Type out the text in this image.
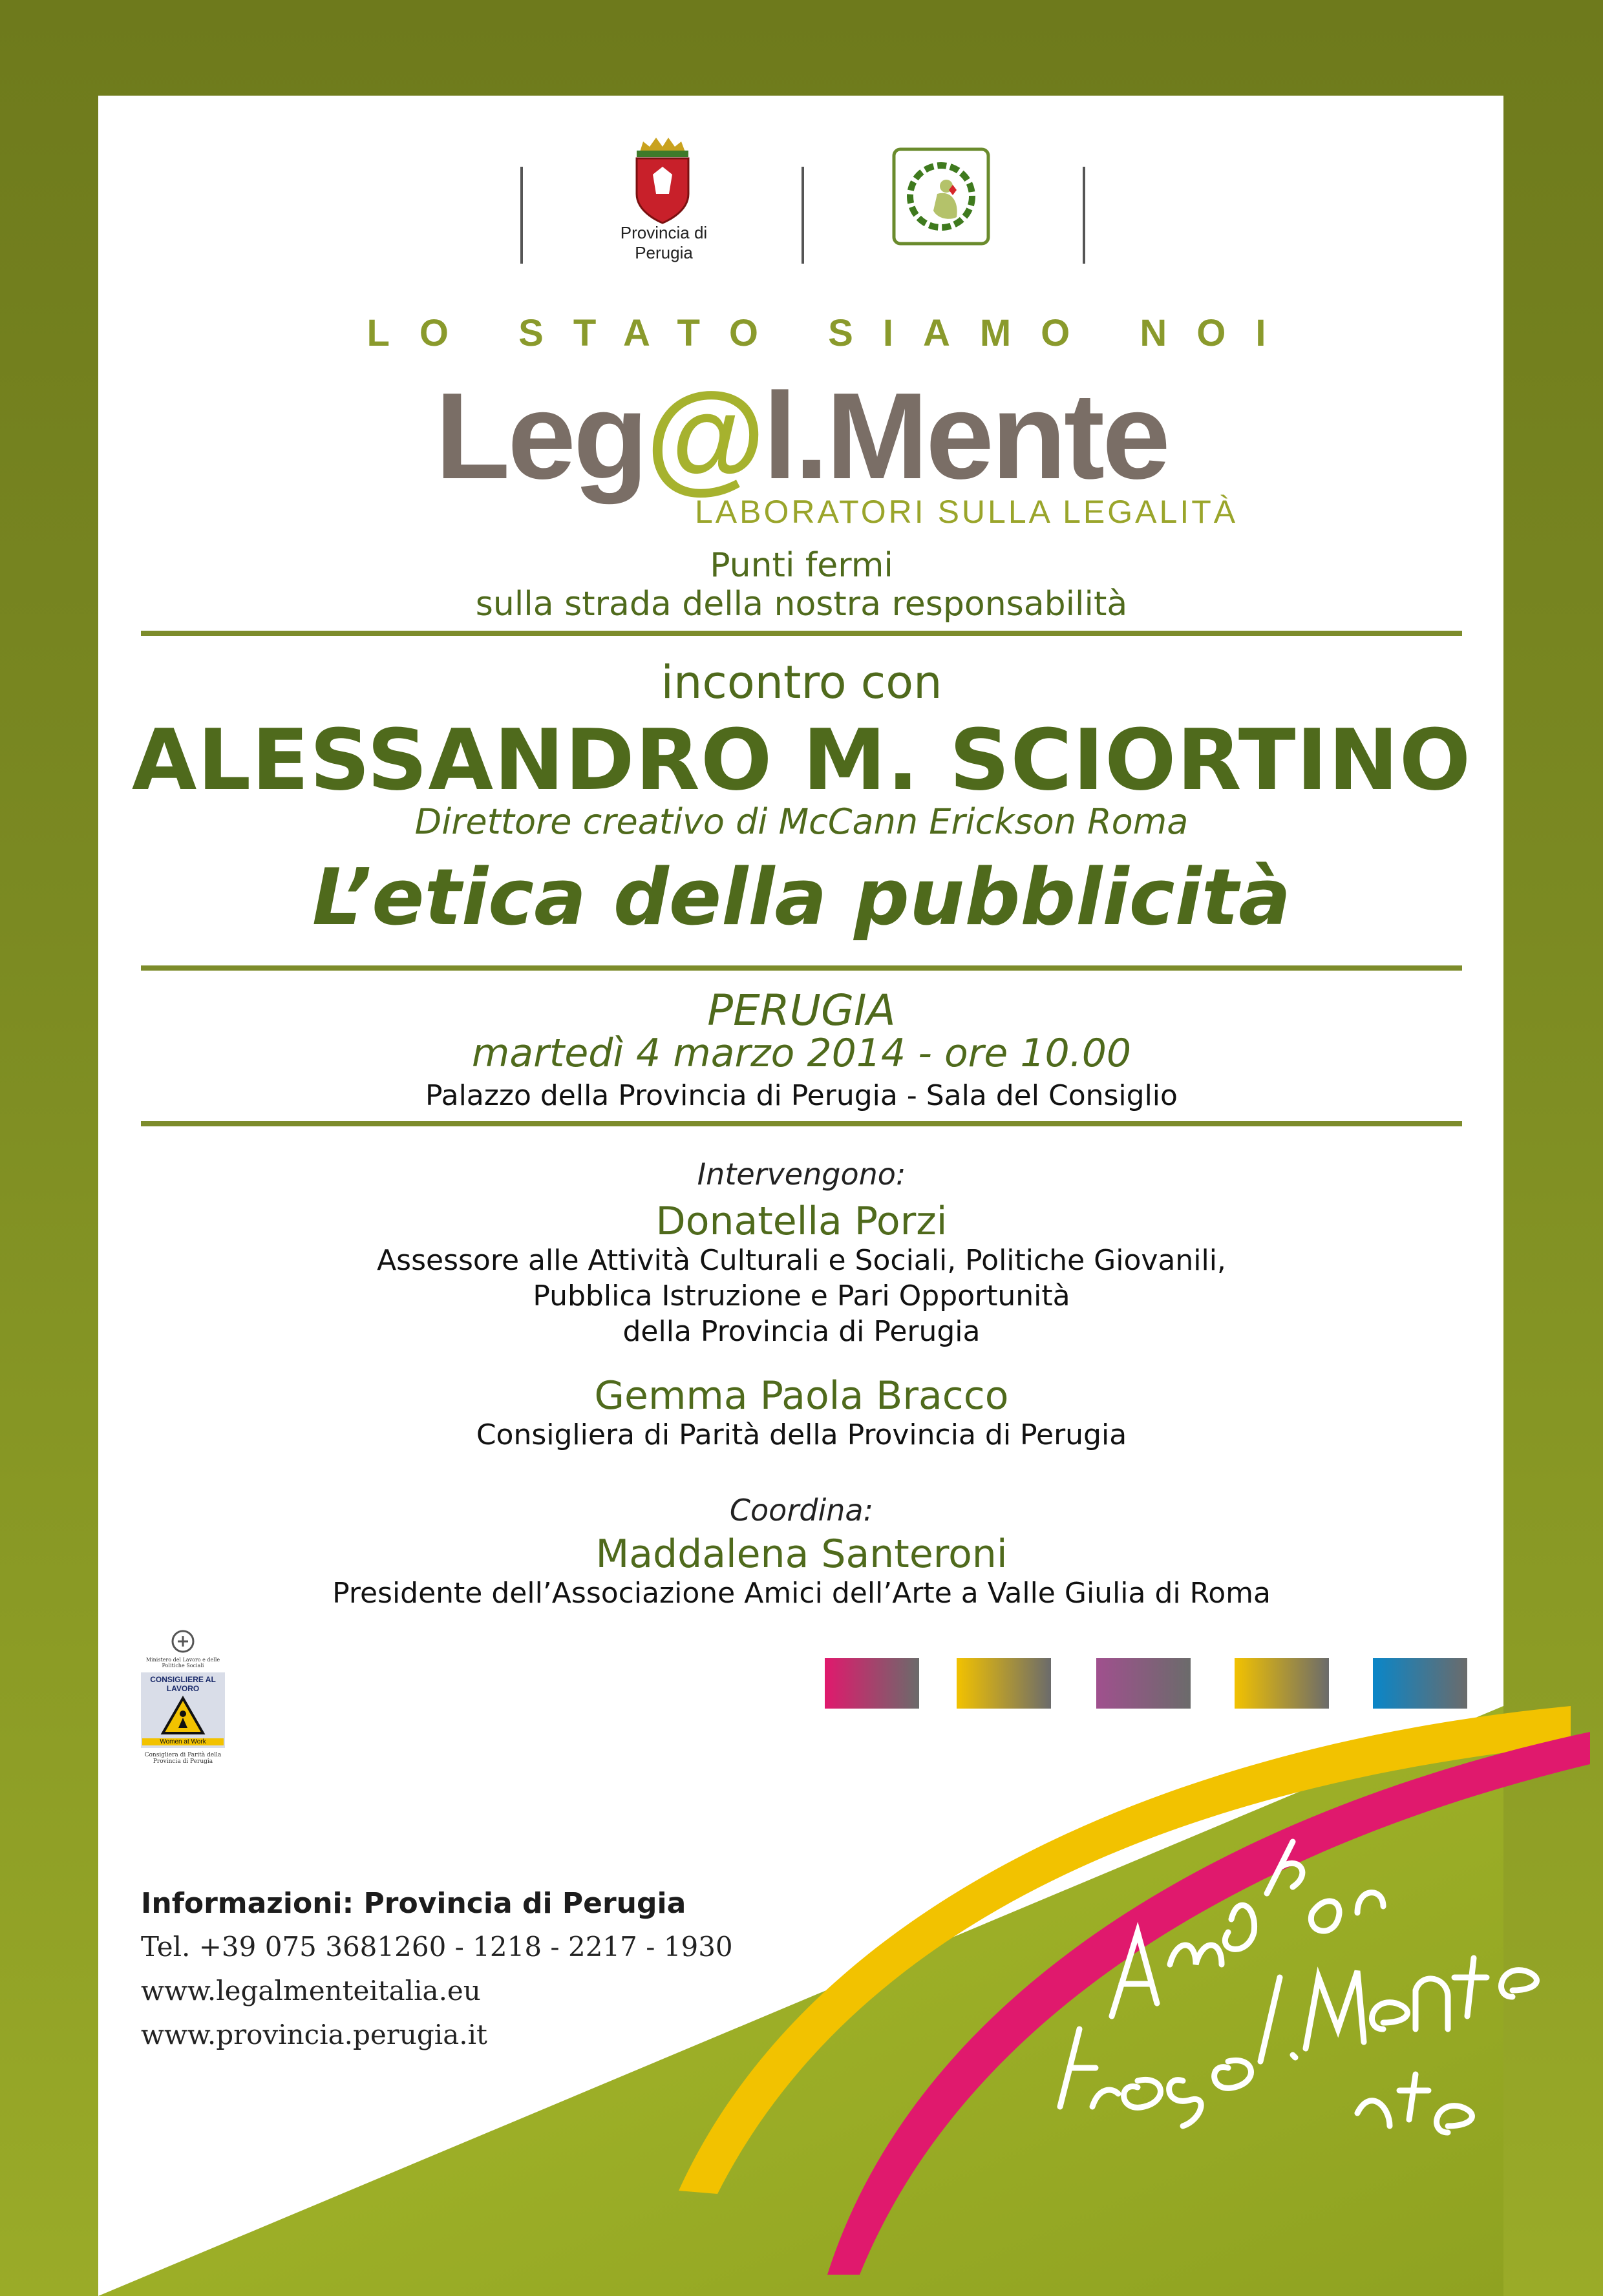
Provincia di Perugia
LO STATO SIAMO NOI
Leg@l.Mente
LABORATORI SULLA LEGALITÀ
Punti fermi
sulla strada della nostra responsabilità
incontro con
ALESSANDRO M. SCIORTINO
Direttore creativo di McCann Erickson Roma
L’etica della pubblicità
PERUGIA
martedì 4 marzo 2014 - ore 10.00
Palazzo della Provincia di Perugia - Sala del Consiglio
Intervengono:
Donatella Porzi
Assessore alle Attività Culturali e Sociali, Politiche Giovanili,
Pubblica Istruzione e Pari Opportunità
della Provincia di Perugia
Gemma Paola Bracco
Consigliera di Parità della Provincia di Perugia
Coordina:
Maddalena Santeroni
Presidente dell’Associazione Amici dell’Arte a Valle Giulia di Roma
Ministero del Lavoro e delle Politiche Sociali
CONSIGLIERE AL LAVORO
Women at Work
Consigliera di Parità della Provincia di Perugia
Informazioni: Provincia di Perugia
Tel. +39 075 3681260 - 1218 - 2217 - 1930
www.legalmenteitalia.eu
www.provincia.perugia.it
